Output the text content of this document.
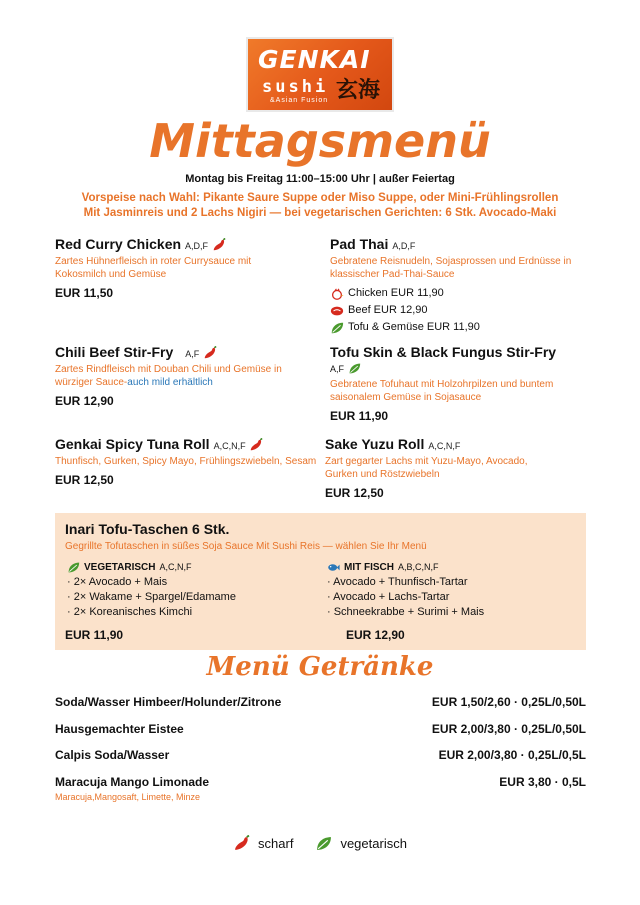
GENKAI
sushi 玄海
&Asian Fusion
Mittagsmenü
Montag bis Freitag 11:00–15:00 Uhr | außer Feiertag
Vorspeise nach Wahl: Pikante Saure Suppe oder Miso Suppe, oder Mini-Frühlingsrollen
Mit Jasminreis und 2 Lachs Nigiri — bei vegetarischen Gerichten: 6 Stk. Avocado-Maki
Red Curry Chicken A,D,F
Zartes Hühnerfleisch in roter Currysauce mit Kokosmilch und Gemüse
EUR 11,50
Pad Thai A,D,F
Gebratene Reisnudeln, Sojasprossen und Erdnüsse in klassischer Pad-Thai-Sauce
Chicken EUR 11,90
Beef EUR 12,90
Tofu & Gemüse EUR 11,90
Chili Beef Stir-Fry A,F
Zartes Rindfleisch mit Douban Chili und Gemüse in würziger Sauce-auch mild erhältlich
EUR 12,90
Tofu Skin & Black Fungus Stir-Fry
A,F
Gebratene Tofuhaut mit Holzohrpilzen und buntem saisonalem Gemüse in Sojasauce
EUR 11,90
Genkai Spicy Tuna Roll A,C,N,F
Thunfisch, Gurken, Spicy Mayo, Frühlingszwiebeln, Sesam
EUR 12,50
Sake Yuzu Roll A,C,N,F
Zart gegarter Lachs mit Yuzu-Mayo, Avocado, Gurken und Röstzwiebeln
EUR 12,50
Inari Tofu-Taschen 6 Stk.
Gegrillte Tofutaschen in süßes Soja Sauce Mit Sushi Reis — wählen Sie Ihr Menü
VEGETARISCH A,C,N,F
· 2× Avocado + Mais
· 2× Wakame + Spargel/Edamame
· 2× Koreanisches Kimchi
EUR 11,90
MIT FISCH A,B,C,N,F
· Avocado + Thunfisch-Tartar
· Avocado + Lachs-Tartar
· Schneekrabbe + Surimi + Mais
EUR 12,90
Menü Getränke
Soda/Wasser Himbeer/Holunder/Zitrone	EUR 1,50/2,60 · 0,25L/0,50L
Hausgemachter Eistee	EUR 2,00/3,80 · 0,25L/0,50L
Calpis Soda/Wasser	EUR 2,00/3,80 · 0,25L/0,5L
Maracuja Mango Limonade	EUR 3,80 · 0,5L
Maracuja,Mangosaft, Limette, Minze
scharf	vegetarisch
